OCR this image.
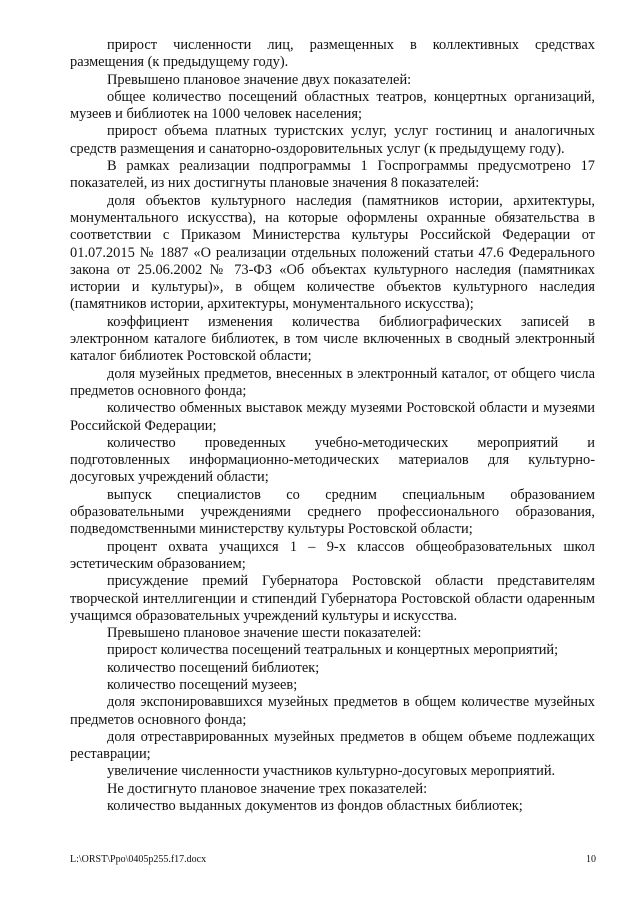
прирост численности лиц, размещенных в коллективных средствах размещения (к предыдущему году).

Превышено плановое значение двух показателей:

общее количество посещений областных театров, концертных организаций, музеев и библиотек на 1000 человек населения;

прирост объема платных туристских услуг, услуг гостиниц и аналогичных средств размещения и санаторно-оздоровительных услуг (к предыдущему году).

В рамках реализации подпрограммы 1 Госпрограммы предусмотрено 17 показателей, из них достигнуты плановые значения 8 показателей:

доля объектов культурного наследия (памятников истории, архитектуры, монументального искусства), на которые оформлены охранные обязательства в соответствии с Приказом Министерства культуры Российской Федерации от 01.07.2015 № 1887 «О реализации отдельных положений статьи 47.6 Федерального закона от 25.06.2002 № 73-ФЗ «Об объектах культурного наследия (памятниках истории и культуры)», в общем количестве объектов культурного наследия (памятников истории, архитектуры, монументального искусства);

коэффициент изменения количества библиографических записей в электронном каталоге библиотек, в том числе включенных в сводный электронный каталог библиотек Ростовской области;

доля музейных предметов, внесенных в электронный каталог, от общего числа предметов основного фонда;

количество обменных выставок между музеями Ростовской области и музеями Российской Федерации;

количество проведенных учебно-методических мероприятий и подготовленных информационно-методических материалов для культурно-досуговых учреждений области;

выпуск специалистов со средним специальным образованием образовательными учреждениями среднего профессионального образования, подведомственными министерству культуры Ростовской области;

процент охвата учащихся 1 – 9-х классов общеобразовательных школ эстетическим образованием;

присуждение премий Губернатора Ростовской области представителям творческой интеллигенции и стипендий Губернатора Ростовской области одаренным учащимся образовательных учреждений культуры и искусства.

Превышено плановое значение шести показателей:

прирост количества посещений театральных и концертных мероприятий;

количество посещений библиотек;

количество посещений музеев;

доля экспонировавшихся музейных предметов в общем количестве музейных предметов основного фонда;

доля отреставрированных музейных предметов в общем объеме подлежащих реставрации;

увеличение численности участников культурно-досуговых мероприятий.

Не достигнуто плановое значение трех показателей:

количество выданных документов из фондов областных библиотек;

L:\ORST\Ppo\0405p255.f17.docx	10
